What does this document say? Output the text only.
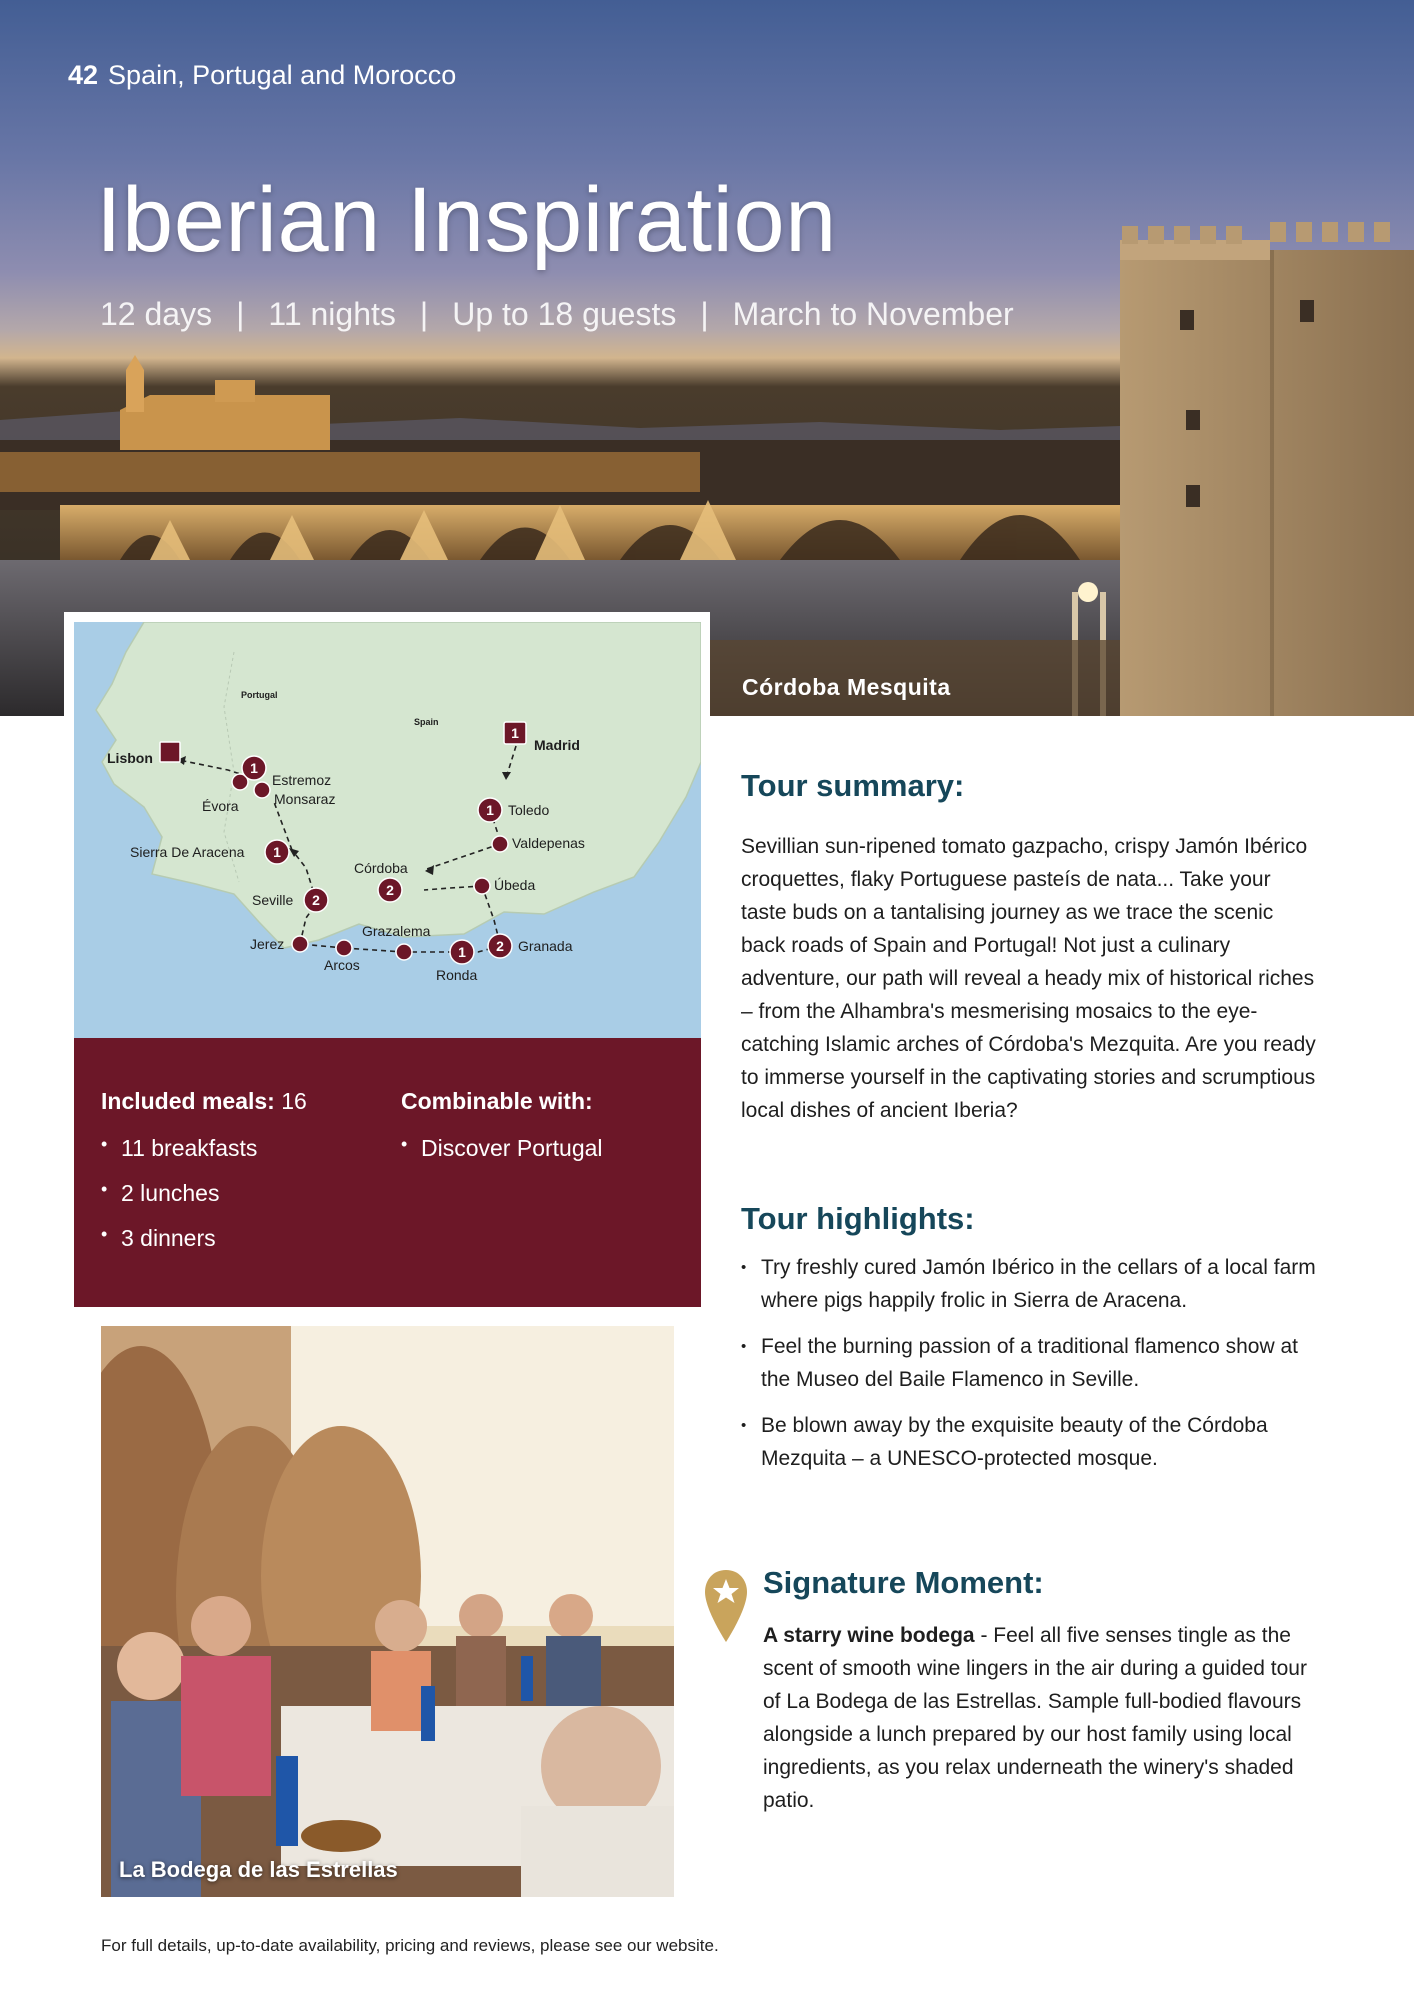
42 Spain, Portugal and Morocco
Iberian Inspiration
12 days | 11 nights | Up to 18 guests | March to November
Córdoba Mesquita
1
1
2
2
1
2
1
1
Portugal
Spain
Madrid
Toledo
Valdepenas
Córdoba
Úbeda
Granada
Ronda
Grazalema
Arcos
Jerez
Seville
Sierra De Aracena
Monsaraz
Estremoz
Évora
Lisbon
Included meals: 16
• 11 breakfasts
• 2 lunches
• 3 dinners
Combinable with:
• Discover Portugal
La Bodega de las Estrellas
Tour summary:

Sevillian sun-ripened tomato gazpacho, crispy Jamón Ibérico croquettes, flaky Portuguese pasteís de nata... Take your taste buds on a tantalising journey as we trace the scenic back roads of Spain and Portugal! Not just a culinary adventure, our path will reveal a heady mix of historical riches – from the Alhambra's mesmerising mosaics to the eye-catching Islamic arches of Córdoba's Mezquita. Are you ready to immerse yourself in the captivating stories and scrumptious local dishes of ancient Iberia?

Tour highlights:
• Try freshly cured Jamón Ibérico in the cellars of a local farm where pigs happily frolic in Sierra de Aracena.
• Feel the burning passion of a traditional flamenco show at the Museo del Baile Flamenco in Seville.
• Be blown away by the exquisite beauty of the Córdoba Mezquita – a UNESCO-protected mosque.
Signature Moment:

A starry wine bodega - Feel all five senses tingle as the scent of smooth wine lingers in the air during a guided tour of La Bodega de las Estrellas. Sample full-bodied flavours alongside a lunch prepared by our host family using local ingredients, as you relax underneath the winery's shaded patio.

For full details, up-to-date availability, pricing and reviews, please see our website.
